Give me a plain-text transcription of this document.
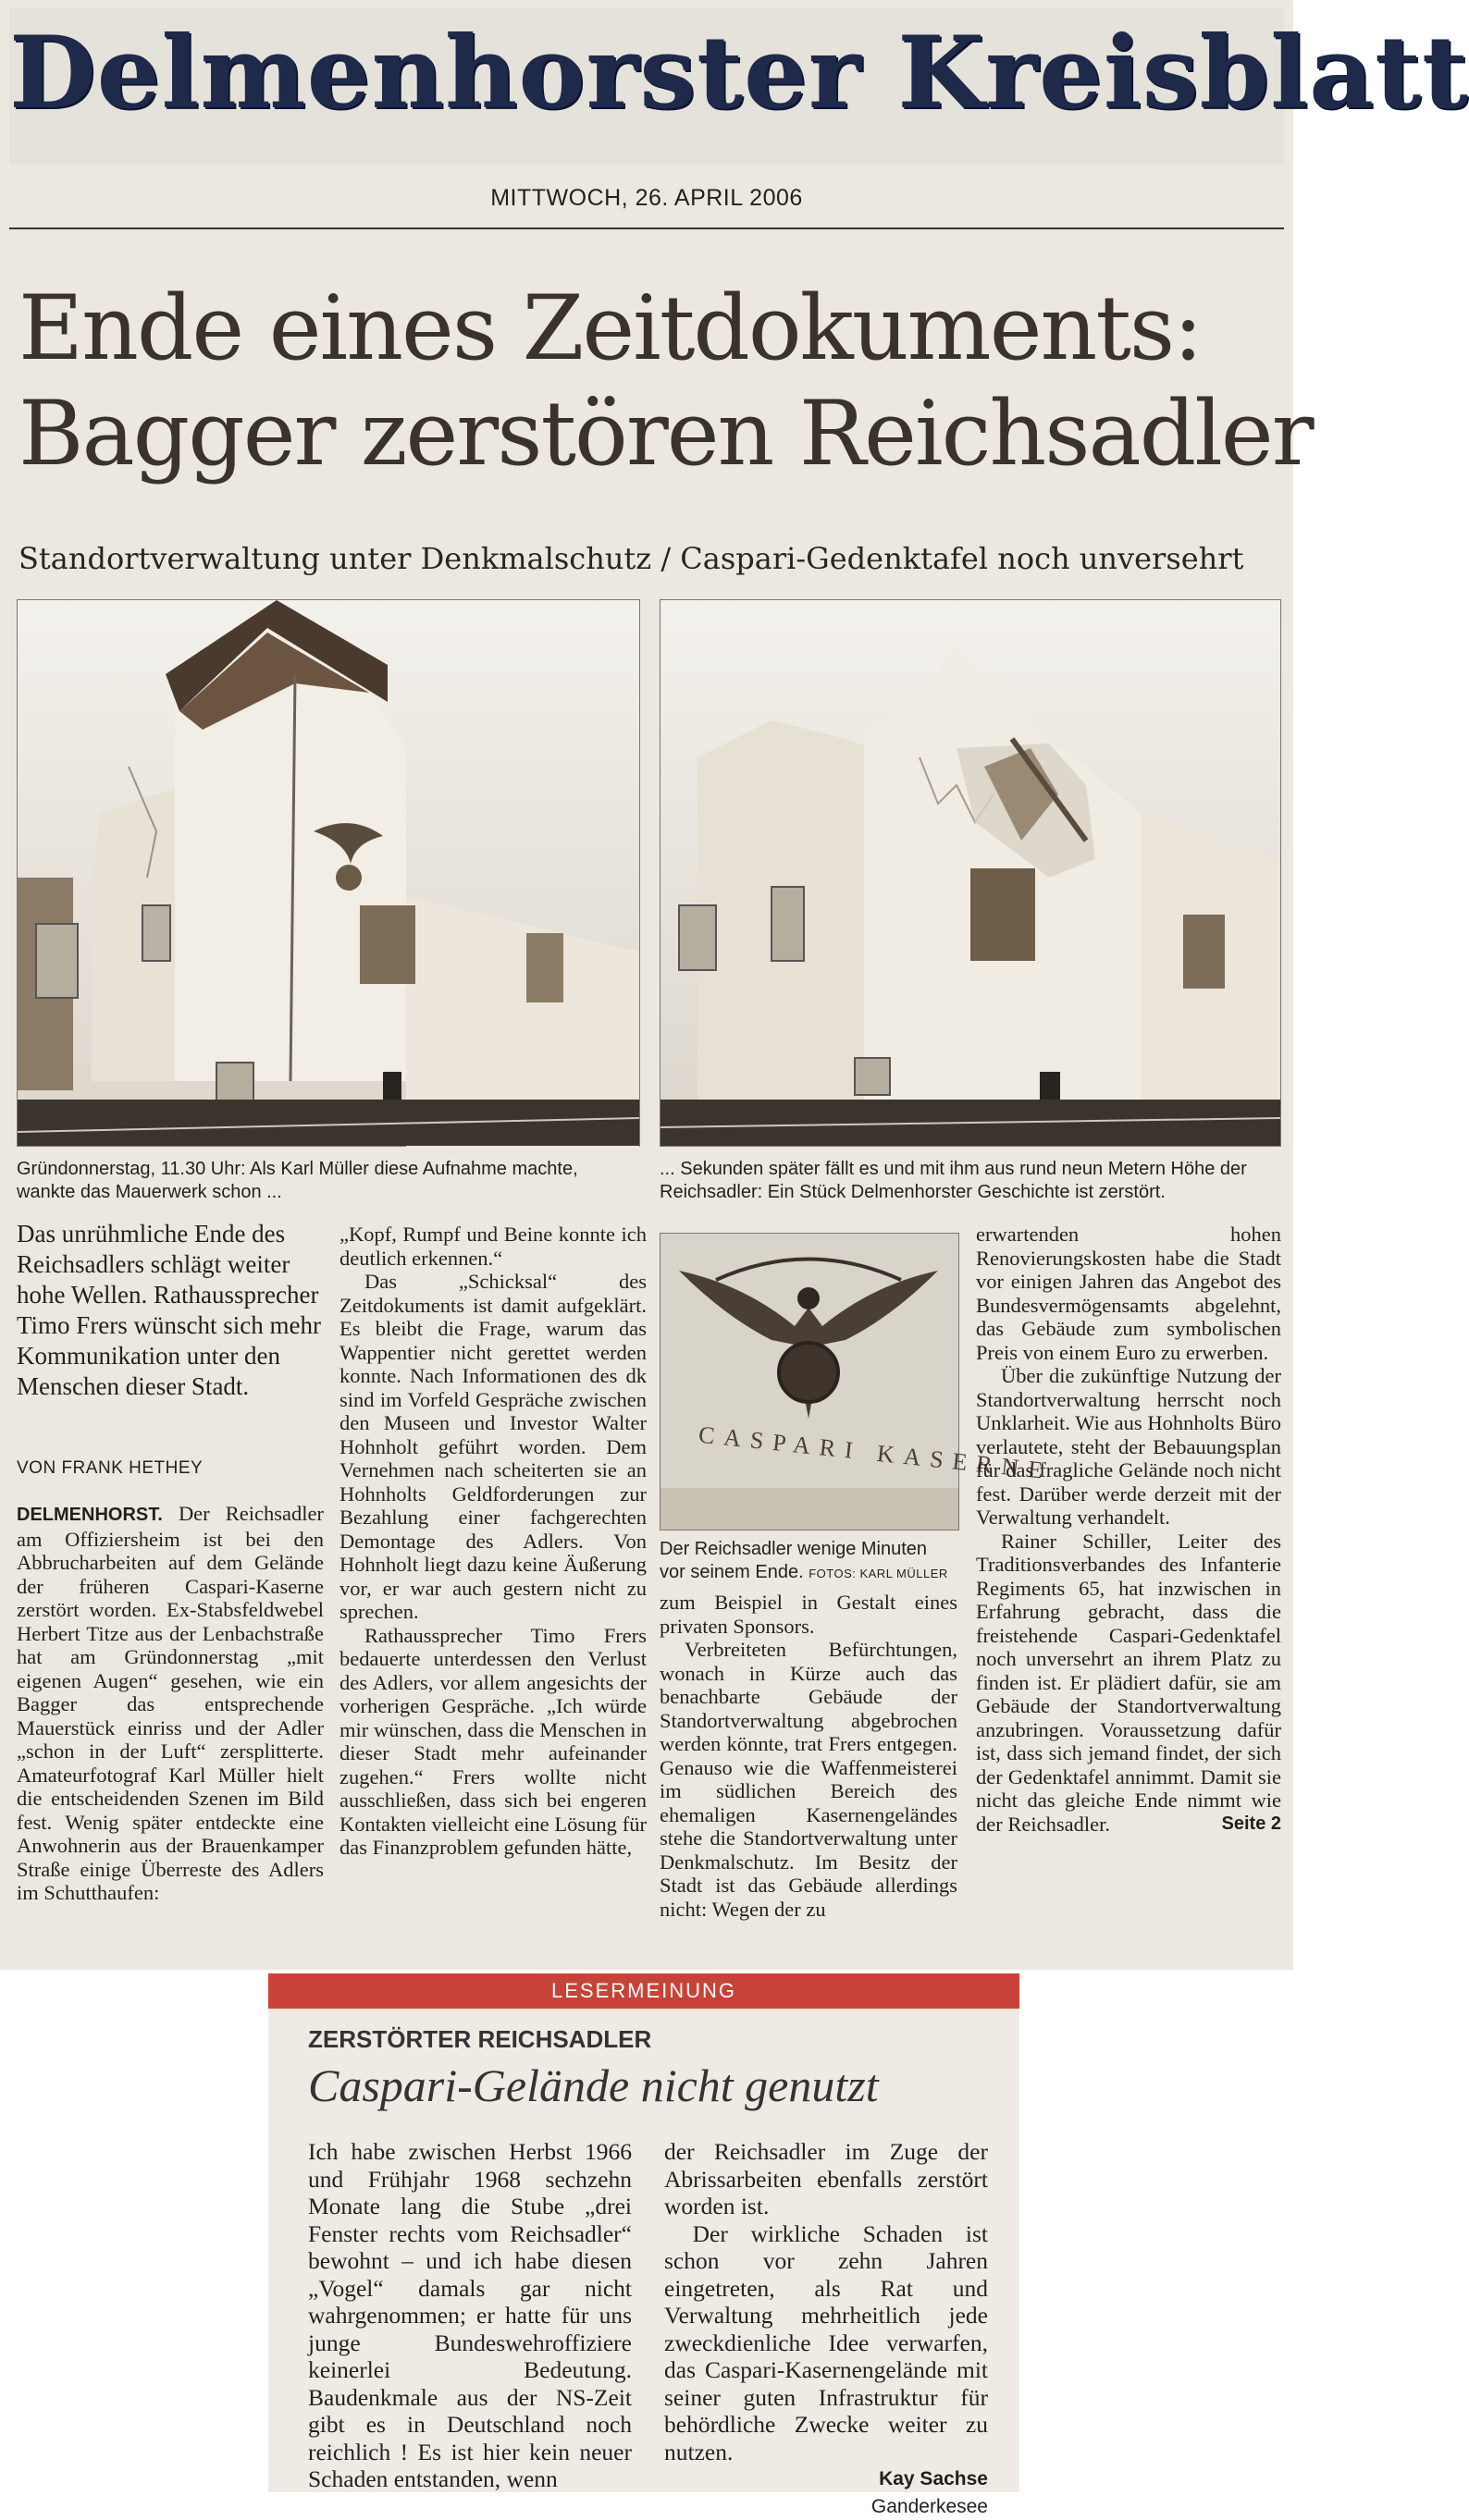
Delmenhorster Kreisblatt
MITTWOCH, 26. APRIL 2006
Ende eines Zeitdokuments:
Bagger zerstören Reichsadler
Standortverwaltung unter Denkmalschutz / Caspari-Gedenktafel noch unversehrt
Gründonnerstag, 11.30 Uhr: Als Karl Müller diese Aufnahme machte, wankte das Mauerwerk schon ...
... Sekunden später fällt es und mit ihm aus rund neun Metern Höhe der Reichsadler: Ein Stück Delmenhorster Geschichte ist zerstört.
Das unrühmliche Ende des Reichsadlers schlägt weiter hohe Wellen. Rathaussprecher Timo Frers wünscht sich mehr Kommunikation unter den Menschen dieser Stadt.
VON FRANK HETHEY

DELMENHORST. Der Reichsadler am Offiziersheim ist bei den Abbrucharbeiten auf dem Gelände der früheren Caspari-Kaserne zerstört worden. Ex-Stabsfeldwebel Herbert Titze aus der Lenbachstraße hat am Gründonnerstag „mit eigenen Augen“ gesehen, wie ein Bagger das entsprechende Mauerstück einriss und der Adler „schon in der Luft“ zersplitterte. Amateurfotograf Karl Müller hielt die entscheidenden Szenen im Bild fest. Wenig später entdeckte eine Anwohnerin aus der Brauenkamper Straße einige Überreste des Adlers im Schutthaufen:

„Kopf, Rumpf und Beine konnte ich deutlich erkennen.“

Das „Schicksal“ des Zeitdokuments ist damit aufgeklärt. Es bleibt die Frage, warum das Wappentier nicht gerettet werden konnte. Nach Informationen des dk sind im Vorfeld Gespräche zwischen den Museen und Investor Walter Hohnholt geführt worden. Dem Vernehmen nach scheiterten sie an Hohnholts Geldforderungen zur Bezahlung einer fachgerechten Demontage des Adlers. Von Hohnholt liegt dazu keine Äußerung vor, er war auch gestern nicht zu sprechen.

Rathaussprecher Timo Frers bedauerte unterdessen den Verlust des Adlers, vor allem angesichts der vorherigen Gespräche. „Ich würde mir wünschen, dass die Menschen in dieser Stadt mehr aufeinander zugehen.“ Frers wollte nicht ausschließen, dass sich bei engeren Kontakten vielleicht eine Lösung für das Finanzproblem gefunden hätte,

CASPARI KASERNE
Der Reichsadler wenige Minuten vor seinem Ende. FOTOS: KARL MÜLLER

zum Beispiel in Gestalt eines privaten Sponsors.

Verbreiteten Befürchtungen, wonach in Kürze auch das benachbarte Gebäude der Standortverwaltung abgebrochen werden könnte, trat Frers entgegen. Genauso wie die Waffenmeisterei im südlichen Bereich des ehemaligen Kasernengeländes stehe die Standortverwaltung unter Denkmalschutz. Im Besitz der Stadt ist das Gebäude allerdings nicht: Wegen der zu

erwartenden hohen Renovierungskosten habe die Stadt vor einigen Jahren das Angebot des Bundesvermögensamts abgelehnt, das Gebäude zum symbolischen Preis von einem Euro zu erwerben.

Über die zukünftige Nutzung der Standortverwaltung herrscht noch Unklarheit. Wie aus Hohnholts Büro verlautete, steht der Bebauungsplan für das fragliche Gelände noch nicht fest. Darüber werde derzeit mit der Verwaltung verhandelt.

Rainer Schiller, Leiter des Traditionsverbandes des Infanterie Regiments 65, hat inzwischen in Erfahrung gebracht, dass die freistehende Caspari-Gedenktafel noch unversehrt an ihrem Platz zu finden ist. Er plädiert dafür, sie am Gebäude der Standortverwaltung anzubringen. Voraussetzung dafür ist, dass sich jemand findet, der sich der Gedenktafel annimmt. Damit sie nicht das gleiche Ende nimmt wie der Reichsadler.	Seite 2

LESERMEINUNG
ZERSTÖRTER REICHSADLER
Caspari-Gelände nicht genutzt

Ich habe zwischen Herbst 1966 und Frühjahr 1968 sechzehn Monate lang die Stube „drei Fenster rechts vom Reichsadler“ bewohnt – und ich habe diesen „Vogel“ damals gar nicht wahrgenommen; er hatte für uns junge Bundeswehroffiziere keinerlei Bedeutung. Baudenkmale aus der NS-Zeit gibt es in Deutschland noch reichlich ! Es ist hier kein neuer Schaden entstanden, wenn

der Reichsadler im Zuge der Abrissarbeiten ebenfalls zerstört worden ist.

Der wirkliche Schaden ist schon vor zehn Jahren eingetreten, als Rat und Verwaltung mehrheitlich jede zweckdienliche Idee verwarfen, das Caspari-Kasernengelände mit seiner guten Infrastruktur für behördliche Zwecke weiter zu nutzen.

Kay Sachse
Ganderkesee
